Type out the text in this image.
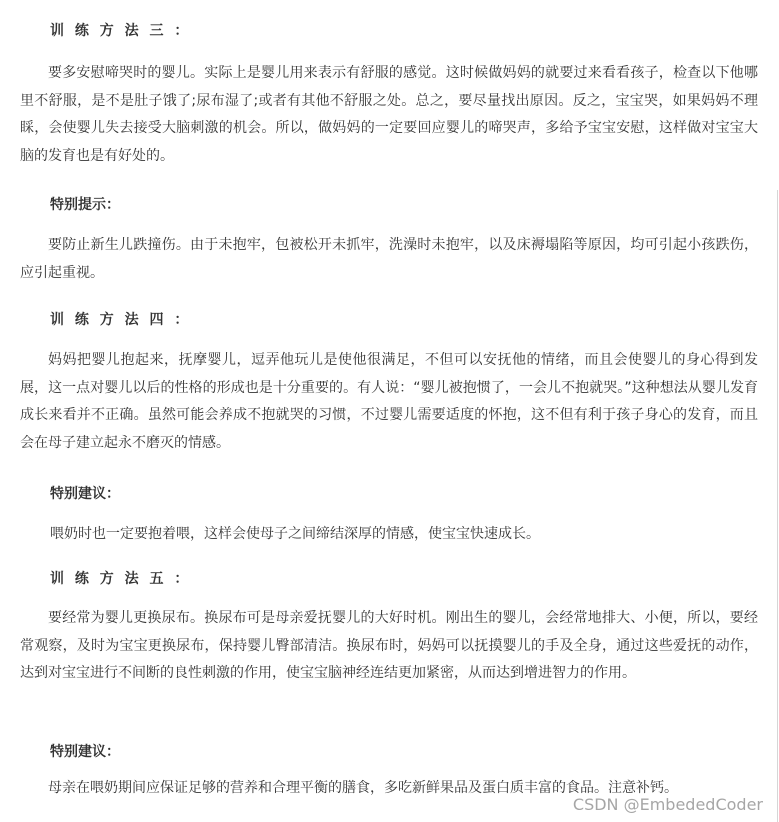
训 练 方 法 三 ：
要多安慰啼哭时的婴儿。实际上是婴儿用来表示有舒服的感觉。这时候做妈妈的就要过来看看孩子，检查以下他哪里不舒服，是不是肚子饿了;尿布湿了;或者有其他不舒服之处。总之，要尽量找出原因。反之，宝宝哭，如果妈妈不理睬，会使婴儿失去接受大脑刺激的机会。所以，做妈妈的一定要回应婴儿的啼哭声，多给予宝宝安慰，这样做对宝宝大脑的发育也是有好处的。
特别提示：
要防止新生儿跌撞伤。由于未抱牢，包被松开未抓牢，洗澡时未抱牢，以及床褥塌陷等原因，均可引起小孩跌伤，应引起重视。
训 练 方 法 四 ：
妈妈把婴儿抱起来，抚摩婴儿，逗弄他玩儿是使他很满足，不但可以安抚他的情绪，而且会使婴儿的身心得到发展，这一点对婴儿以后的性格的形成也是十分重要的。有人说：“婴儿被抱惯了，一会儿不抱就哭。”这种想法从婴儿发育成长来看并不正确。虽然可能会养成不抱就哭的习惯，不过婴儿需要适度的怀抱，这不但有利于孩子身心的发育，而且会在母子建立起永不磨灭的情感。
特别建议：
喂奶时也一定要抱着喂，这样会使母子之间缔结深厚的情感，使宝宝快速成长。
训 练 方 法 五 ：
要经常为婴儿更换尿布。换尿布可是母亲爱抚婴儿的大好时机。刚出生的婴儿，会经常地排大、小便，所以，要经常观察，及时为宝宝更换尿布，保持婴儿臀部清洁。换尿布时，妈妈可以抚摸婴儿的手及全身，通过这些爱抚的动作，达到对宝宝进行不间断的良性刺激的作用，使宝宝脑神经连结更加紧密，从而达到增进智力的作用。
特别建议：
母亲在喂奶期间应保证足够的营养和合理平衡的膳食，多吃新鲜果品及蛋白质丰富的食品。注意补钙。
CSDN @EmbededCoder
